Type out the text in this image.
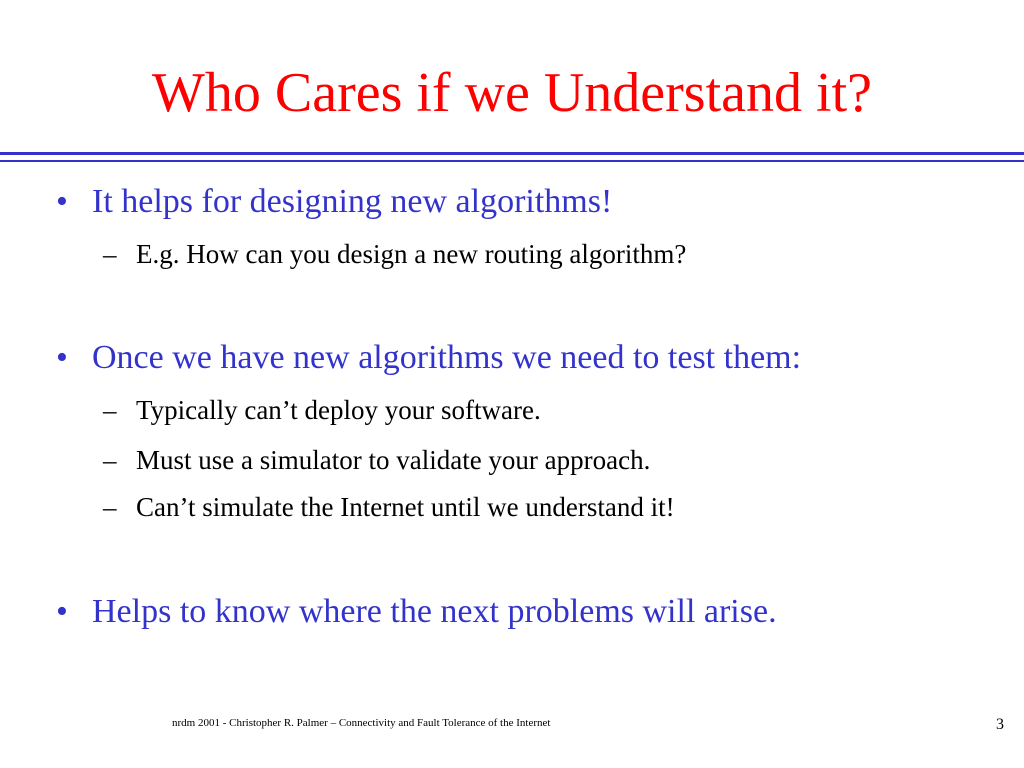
Who Cares if we Understand it?
• It helps for designing new algorithms!
– E.g. How can you design a new routing algorithm?
• Once we have new algorithms we need to test them:
– Typically can’t deploy your software.
– Must use a simulator to validate your approach.
– Can’t simulate the Internet until we understand it!
• Helps to know where the next problems will arise.
nrdm 2001 - Christopher R. Palmer – Connectivity and Fault Tolerance of the Internet	3
